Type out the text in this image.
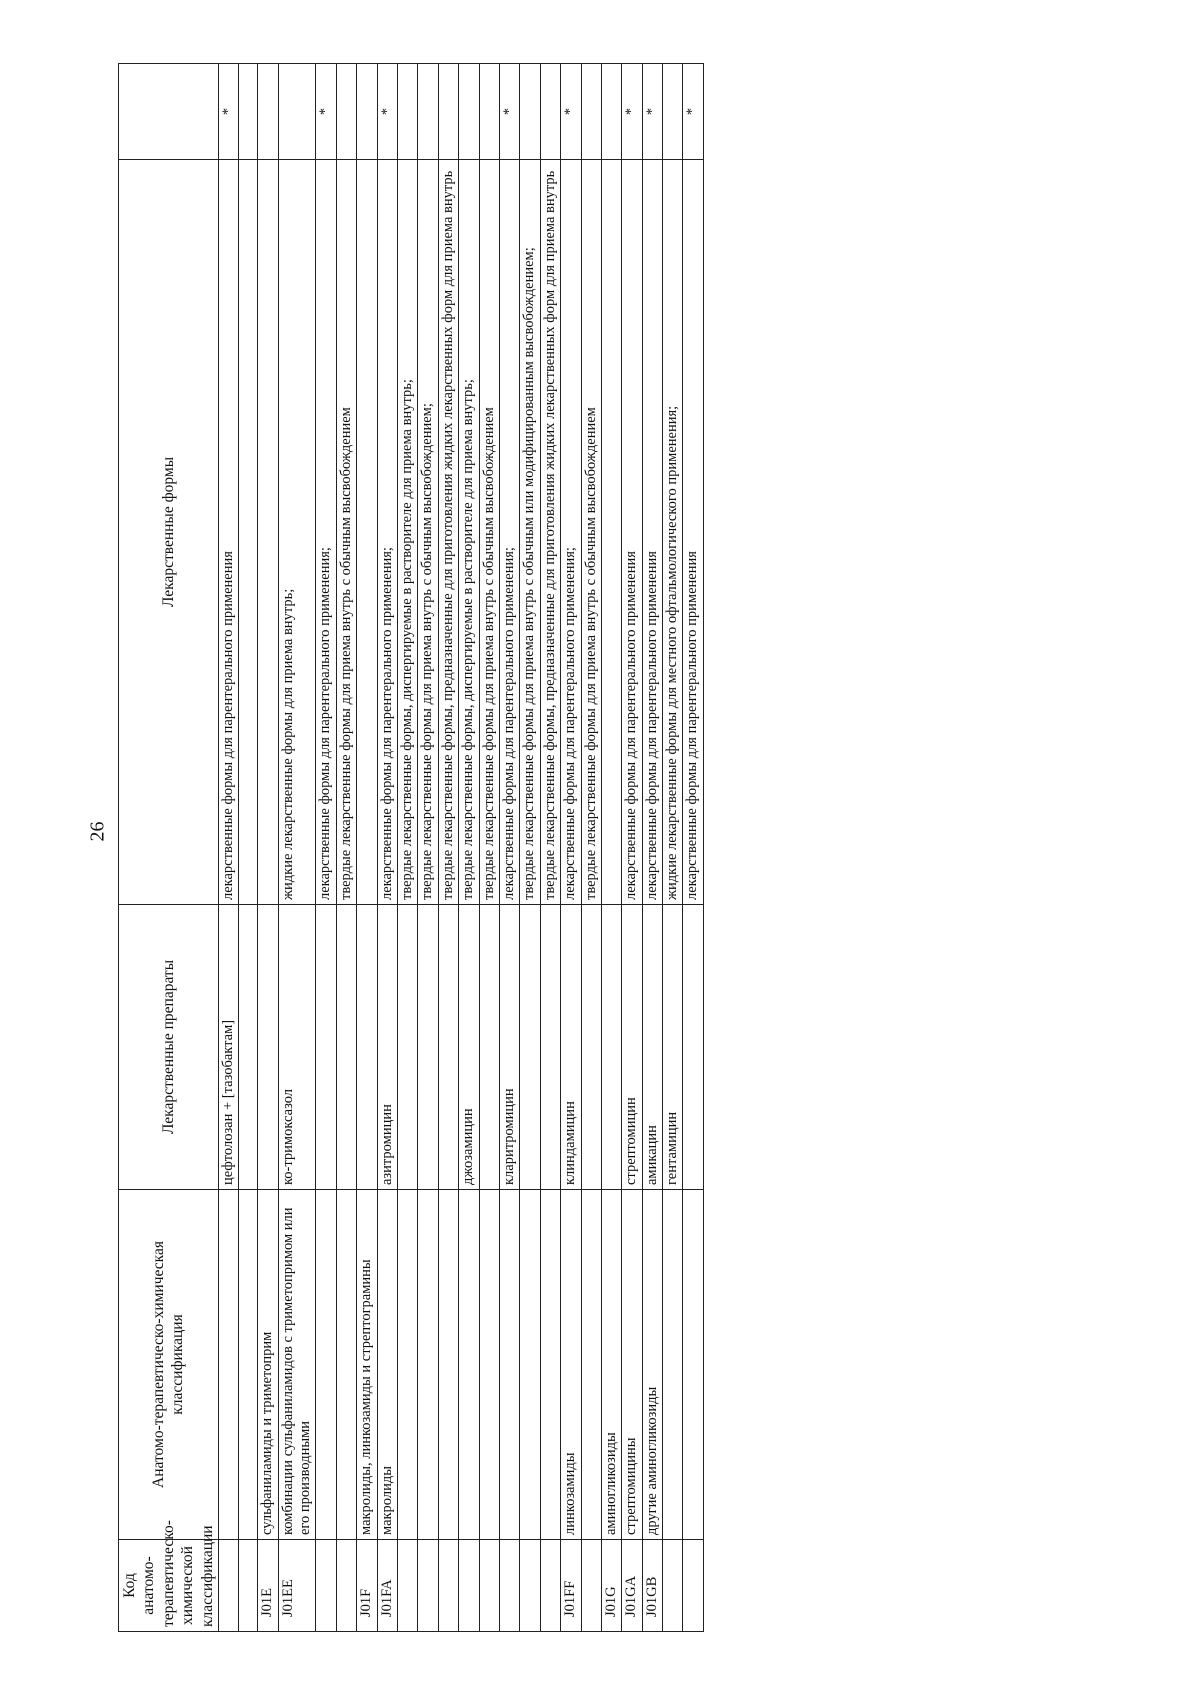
26
Код анатомо-терапевтическо-химической классификации	Анатомо-терапевтическо-химическая классификация	Лекарственные препараты	Лекарственные формы	
		цефтолозан + [тазобактам]	лекарственные формы для парентерального применения	*

J01E	сульфаниламиды и триметоприм			
J01EE	комбинации сульфаниламидов с триметопримом или его производными	ко-тримоксазол	жидкие лекарственные формы для приема внутрь;	
			лекарственные формы для парентерального применения;	*
			твердые лекарственные формы для приема внутрь с обычным высвобождением	
J01F	макролиды, линкозамиды и стрептограмины			
J01FA	макролиды	азитромицин	лекарственные формы для парентерального применения;	*
			твердые лекарственные формы, диспергируемые в растворителе для приема внутрь;	
			твердые лекарственные формы для приема внутрь с обычным высвобождением;	
			твердые лекарственные формы, предназначенные для приготовления жидких лекарственных форм для приема внутрь	
		джозамицин	твердые лекарственные формы, диспергируемые в растворителе для приема внутрь;	
			твердые лекарственные формы для приема внутрь с обычным высвобождением	
		кларитромицин	лекарственные формы для парентерального применения;	*
			твердые лекарственные формы для приема внутрь с обычным или модифицированным высвобождением;	
			твердые лекарственные формы, предназначенные для приготовления жидких лекарственных форм для приема внутрь	
J01FF	линкозамиды	клиндамицин	лекарственные формы для парентерального применения;	*
			твердые лекарственные формы для приема внутрь с обычным высвобождением	
J01G	аминогликозиды			
J01GA	стрептомицины	стрептомицин	лекарственные формы для парентерального применения	*
J01GB	другие аминогликозиды	амикацин	лекарственные формы для парентерального применения	*
		гентамицин	жидкие лекарственные формы для местного офтальмологического применения;	
			лекарственные формы для парентерального применения	*
